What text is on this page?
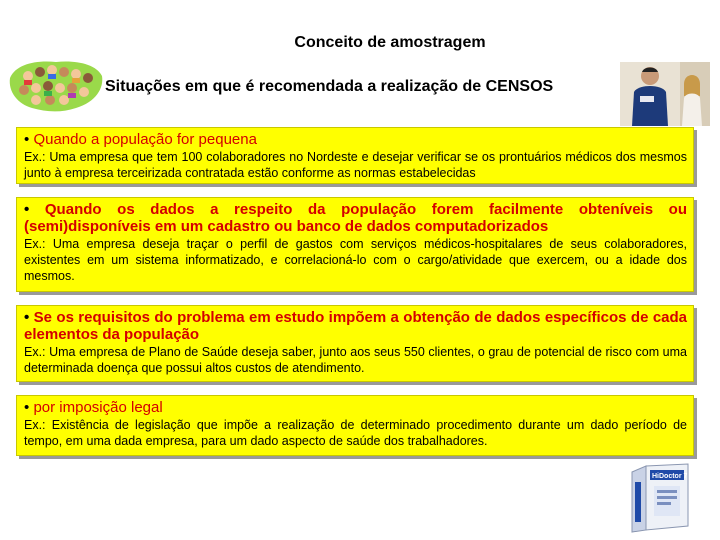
Conceito de amostragem
Situações em que é recomendada a realização de CENSOS
• Quando a população for pequena
Ex.: Uma empresa que tem 100 colaboradores no Nordeste e desejar verificar se os prontuários médicos dos mesmos junto à empresa terceirizada contratada estão conforme as normas estabelecidas
• Quando os dados a respeito da população forem facilmente obteníveis ou (semi)disponíveis em um cadastro ou banco de dados computadorizados
Ex.: Uma empresa deseja traçar o perfil de gastos com serviços médicos-hospitalares de seus colaboradores, existentes em um sistema informatizado, e correlacioná-lo com o cargo/atividade que exercem, ou a idade dos mesmos.
• Se os requisitos do problema em estudo impõem a obtenção de dados específicos de cada elementos da população
Ex.: Uma empresa de Plano de Saúde deseja saber, junto aos seus 550 clientes, o grau de potencial de risco com uma determinada doença que possui altos custos de atendimento.
• por imposição legal
Ex.: Existência de legislação que impõe a realização de determinado procedimento durante um dado período de tempo, em uma dada empresa, para um dado aspecto de saúde dos trabalhadores.
HiDoctor 7
